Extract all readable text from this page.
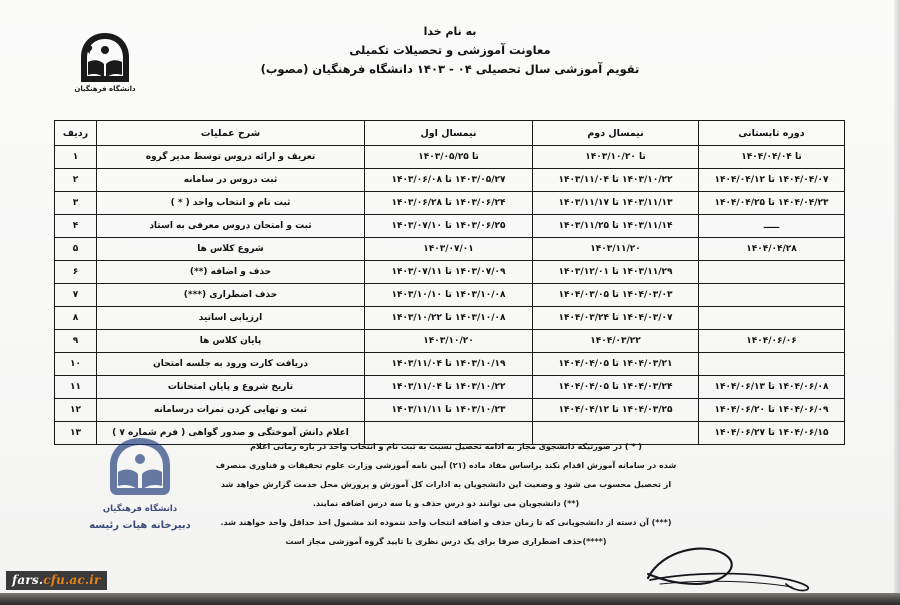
دانشگاه فرهنگیان
به نام خدا
معاونت آموزشی و تحصیلات تکمیلی
تقویم آموزشی سال تحصیلی ۰۴ - ۱۴۰۳ دانشگاه فرهنگیان (مصوب)
دوره تابستانی	نیمسال دوم	نیمسال اول	شرح عملیات	ردیف
تا ۱۴۰۴/۰۴/۰۴	تا ۱۴۰۳/۱۰/۲۰	تا ۱۴۰۳/۰۵/۲۵	تعریف و ارائه دروس توسط مدیر گروه	۱
۱۴۰۴/۰۴/۰۷ تا ۱۴۰۴/۰۴/۱۲	۱۴۰۳/۱۰/۲۲ تا ۱۴۰۳/۱۱/۰۴	۱۴۰۳/۰۵/۲۷ تا ۱۴۰۳/۰۶/۰۸	ثبت دروس در سامانه	۲
۱۴۰۴/۰۴/۲۳ تا ۱۴۰۴/۰۴/۲۵	۱۴۰۳/۱۱/۱۳ تا ۱۴۰۳/۱۱/۱۷	۱۴۰۳/۰۶/۲۴ تا ۱۴۰۳/۰۶/۲۸	ثبت نام و انتخاب واحد ( * )	۳
ـــــ	۱۴۰۳/۱۱/۱۴ تا ۱۴۰۳/۱۱/۲۵	۱۴۰۳/۰۶/۲۵ تا ۱۴۰۳/۰۷/۱۰	ثبت و امتحان دروس معرفی به استاد	۴
۱۴۰۴/۰۴/۲۸	۱۴۰۳/۱۱/۲۰	۱۴۰۳/۰۷/۰۱	شروع کلاس ها	۵
	۱۴۰۳/۱۱/۲۹ تا ۱۴۰۳/۱۲/۰۱	۱۴۰۳/۰۷/۰۹ تا ۱۴۰۳/۰۷/۱۱	حذف و اضافه (**)	۶
	۱۴۰۴/۰۳/۰۳ تا ۱۴۰۴/۰۳/۰۵	۱۴۰۳/۱۰/۰۸ تا ۱۴۰۳/۱۰/۱۰	حذف اضطراری (***)	۷
	۱۴۰۴/۰۳/۰۷ تا ۱۴۰۴/۰۳/۲۴	۱۴۰۳/۱۰/۰۸ تا ۱۴۰۳/۱۰/۲۲	ارزیابی اساتید	۸
۱۴۰۴/۰۶/۰۶	۱۴۰۴/۰۳/۲۲	۱۴۰۳/۱۰/۲۰	پایان کلاس ها	۹
	۱۴۰۴/۰۳/۲۱ تا ۱۴۰۴/۰۴/۰۵	۱۴۰۳/۱۰/۱۹ تا ۱۴۰۳/۱۱/۰۴	دریافت کارت ورود به جلسه امتحان	۱۰
۱۴۰۴/۰۶/۰۸ تا ۱۴۰۴/۰۶/۱۳	۱۴۰۴/۰۳/۲۴ تا ۱۴۰۴/۰۴/۰۵	۱۴۰۳/۱۰/۲۲ تا ۱۴۰۳/۱۱/۰۴	تاریخ شروع و پایان امتحانات	۱۱
۱۴۰۴/۰۶/۰۹ تا ۱۴۰۴/۰۶/۲۰	۱۴۰۴/۰۳/۲۵ تا ۱۴۰۴/۰۴/۱۲	۱۴۰۳/۱۰/۲۳ تا ۱۴۰۳/۱۱/۱۱	ثبت و نهایی کردن نمرات درسامانه	۱۲
۱۴۰۴/۰۶/۱۵ تا ۱۴۰۴/۰۶/۲۷			اعلام دانش آموختگی و صدور گواهی ( فرم شماره ۷ )	۱۳
( * ) در صورتیکه دانشجوی مجاز به ادامه تحصیل نسبت به ثبت نام و انتخاب واحد در بازه زمانی اعلام
شده در سامانه آموزش اقدام نکند براساس مفاد ماده (۲۱) آیین نامه آموزشی وزارت علوم تحقیقات و فناوری منصرف
از تحصیل محسوب می شود و وضعیت این دانشجویان به ادارات کل آموزش و پرورش محل خدمت گزارش خواهد شد
(**) دانشجویان می توانند دو درس حذف و یا سه درس اضافه نمایند.
(***) آن دسته از دانشجویانی که تا زمان حذف و اضافه انتخاب واحد ننموده اند مشمول اخذ حداقل واحد خواهند شد.
(****)حذف اضطراری صرفا برای یک درس نظری با تایید گروه آموزشی مجاز است
دانشگاه فرهنگیان
دبیرخانه هیات رئیسه
fars.cfu.ac.ir
